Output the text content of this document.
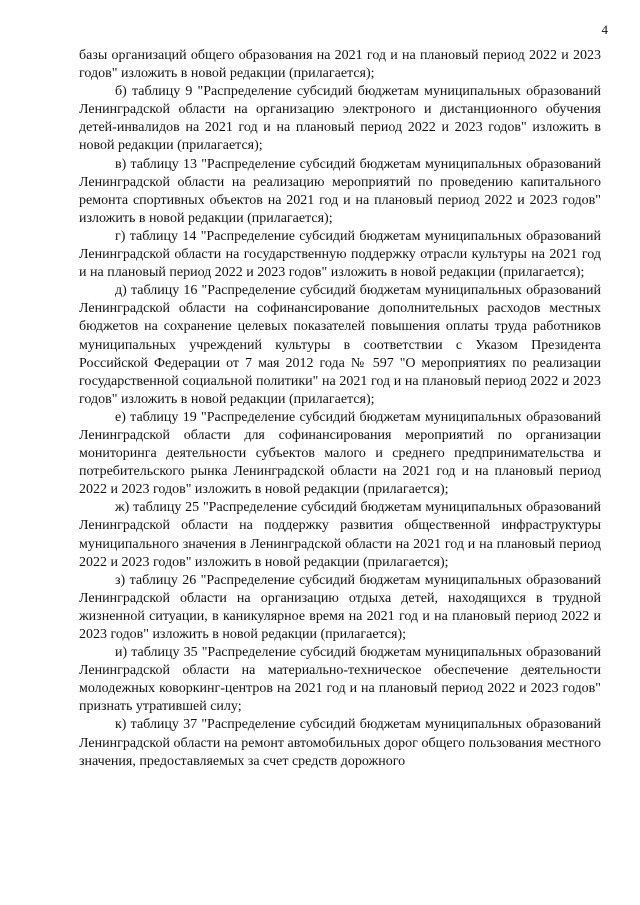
4

базы организаций общего образования на 2021 год и на плановый период 2022 и 2023 годов" изложить в новой редакции (прилагается);

б) таблицу 9 "Распределение субсидий бюджетам муниципальных образований Ленинградской области на организацию электроного и дистанционного обучения детей-инвалидов на 2021 год и на плановый период 2022 и 2023 годов" изложить в новой редакции (прилагается);

в) таблицу 13 "Распределение субсидий бюджетам муниципальных образований Ленинградской области на реализацию мероприятий по проведению капитального ремонта спортивных объектов на 2021 год и на плановый период 2022 и 2023 годов" изложить в новой редакции (прилагается);

г) таблицу 14 "Распределение субсидий бюджетам муниципальных образований Ленинградской области на государственную поддержку отрасли культуры на 2021 год и на плановый период 2022 и 2023 годов" изложить в новой редакции (прилагается);

д) таблицу 16 "Распределение субсидий бюджетам муниципальных образований Ленинградской области на софинансирование дополнительных расходов местных бюджетов на сохранение целевых показателей повышения оплаты труда работников муниципальных учреждений культуры в соответствии с Указом Президента Российской Федерации от 7 мая 2012 года № 597 "О мероприятиях по реализации государственной социальной политики" на 2021 год и на плановый период 2022 и 2023 годов" изложить в новой редакции (прилагается);

е) таблицу 19 "Распределение субсидий бюджетам муниципальных образований Ленинградской области для софинансирования мероприятий по организации мониторинга деятельности субъектов малого и среднего предпринимательства и потребительского рынка Ленинградской области на 2021 год и на плановый период 2022 и 2023 годов" изложить в новой редакции (прилагается);

ж) таблицу 25 "Распределение субсидий бюджетам муниципальных образований Ленинградской области на поддержку развития общественной инфраструктуры муниципального значения в Ленинградской области на 2021 год и на плановый период 2022 и 2023 годов" изложить в новой редакции (прилагается);

з) таблицу 26 "Распределение субсидий бюджетам муниципальных образований Ленинградской области на организацию отдыха детей, находящихся в трудной жизненной ситуации, в каникулярное время на 2021 год и на плановый период 2022 и 2023 годов" изложить в новой редакции (прилагается);

и) таблицу 35 "Распределение субсидий бюджетам муниципальных образований Ленинградской области на материально-техническое обеспечение деятельности молодежных коворкинг-центров на 2021 год и на плановый период 2022 и 2023 годов" признать утратившей силу;

к) таблицу 37 "Распределение субсидий бюджетам муниципальных образований Ленинградской области на ремонт автомобильных дорог общего пользования местного значения, предоставляемых за счет средств дорожного
